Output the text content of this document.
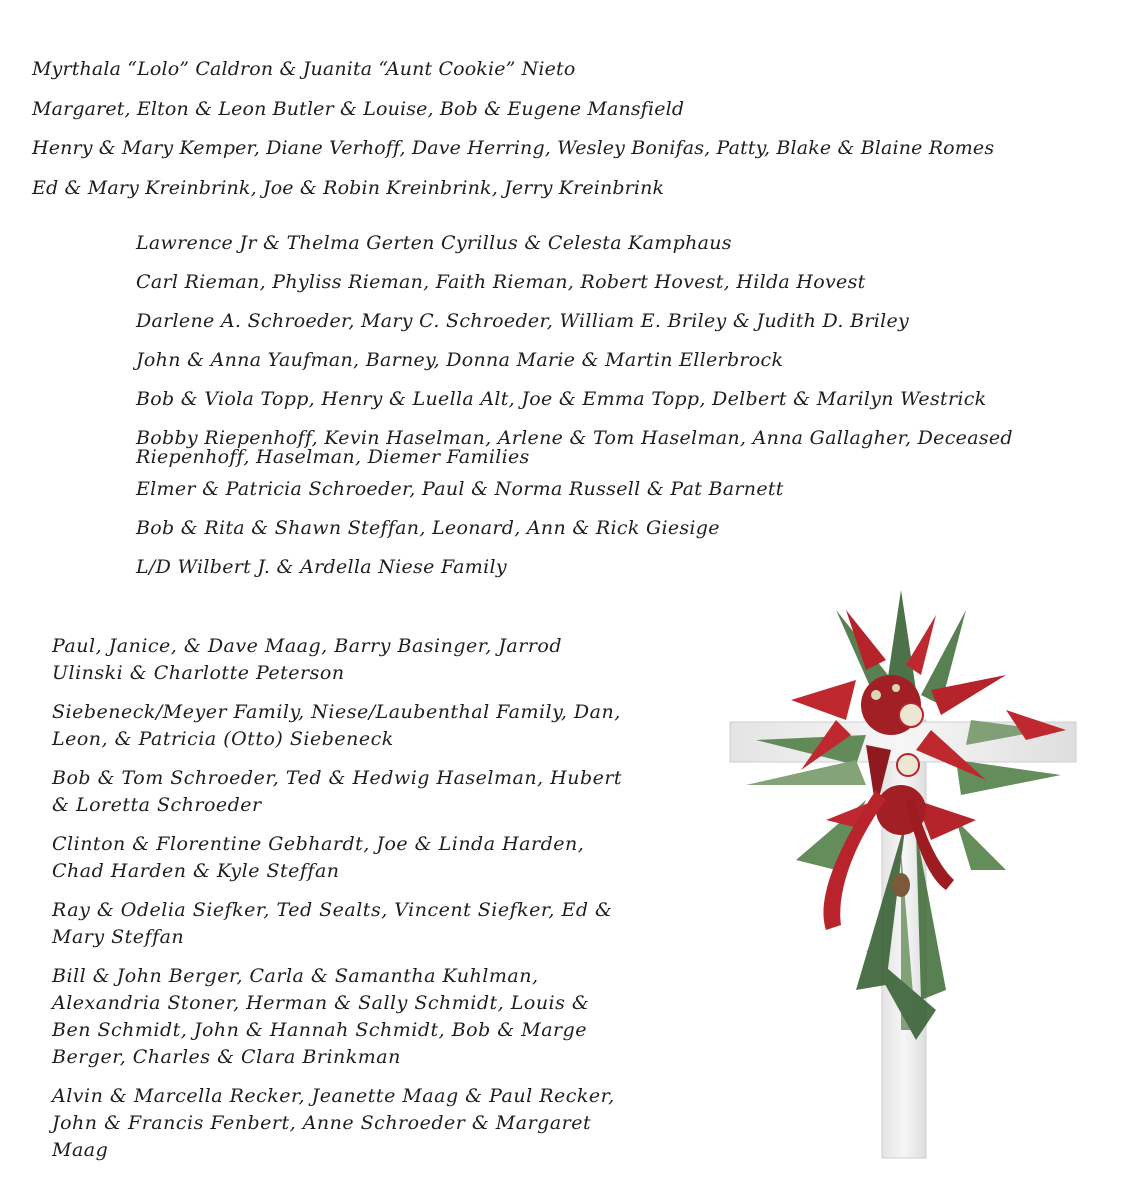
Myrthala “Lolo” Caldron & Juanita “Aunt Cookie” Nieto
Margaret, Elton & Leon Butler & Louise, Bob & Eugene Mansfield
Henry & Mary Kemper, Diane Verhoff, Dave Herring, Wesley Bonifas, Patty, Blake & Blaine Romes
Ed & Mary Kreinbrink, Joe & Robin Kreinbrink, Jerry Kreinbrink
Lawrence Jr & Thelma Gerten Cyrillus & Celesta Kamphaus
Carl Rieman, Phyliss Rieman, Faith Rieman, Robert Hovest, Hilda Hovest
Darlene A. Schroeder, Mary C. Schroeder, William E. Briley & Judith D. Briley
John & Anna Yaufman, Barney, Donna Marie & Martin Ellerbrock
Bob & Viola Topp, Henry & Luella Alt, Joe & Emma Topp, Delbert & Marilyn Westrick
Bobby Riepenhoff, Kevin Haselman, Arlene & Tom Haselman, Anna Gallagher, Deceased
Riepenhoff, Haselman, Diemer Families
Elmer & Patricia Schroeder, Paul & Norma Russell & Pat Barnett
Bob & Rita & Shawn Steffan, Leonard, Ann & Rick Giesige
L/D Wilbert J. & Ardella Niese Family
Paul, Janice, & Dave Maag, Barry Basinger, Jarrod
Ulinski & Charlotte Peterson
Siebeneck/Meyer Family, Niese/Laubenthal Family, Dan,
Leon, & Patricia (Otto) Siebeneck
Bob & Tom Schroeder, Ted & Hedwig Haselman, Hubert
& Loretta Schroeder
Clinton & Florentine Gebhardt, Joe & Linda Harden,
Chad Harden & Kyle Steffan
Ray & Odelia Siefker, Ted Sealts, Vincent Siefker, Ed &
Mary Steffan
Bill & John Berger, Carla & Samantha Kuhlman,
Alexandria Stoner, Herman & Sally Schmidt, Louis &
Ben Schmidt, John & Hannah Schmidt, Bob & Marge
Berger, Charles & Clara Brinkman
Alvin & Marcella Recker, Jeanette Maag & Paul Recker,
John & Francis Fenbert, Anne Schroeder & Margaret
Maag
